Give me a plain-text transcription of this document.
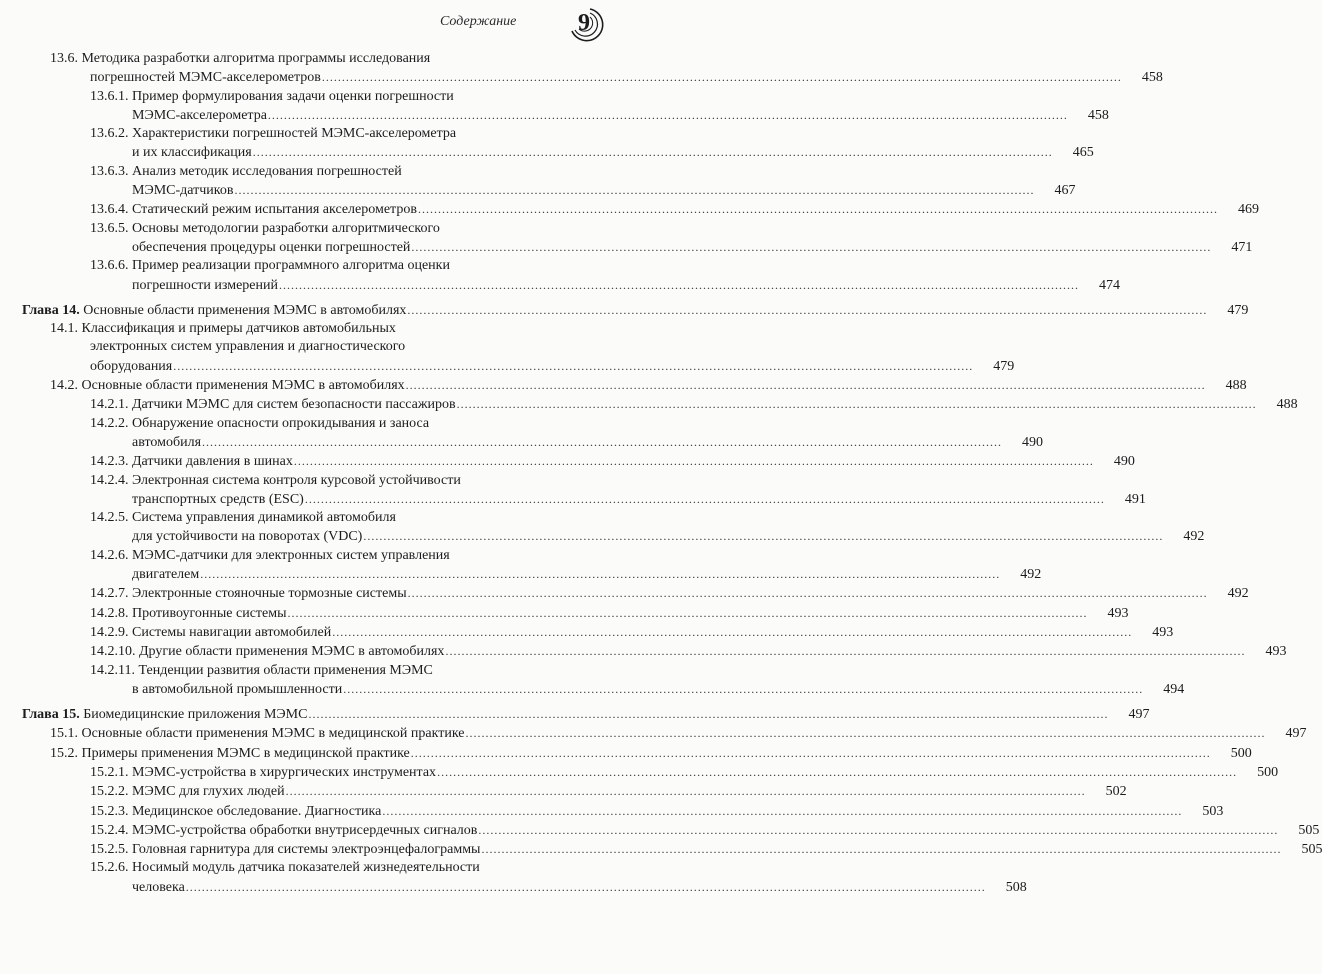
Содержание	9
13.6. Методика разработки алгоритма программы исследования
погрешностей МЭМС-акселерометров ........................................................................................................................................................................................................	458
13.6.1. Пример формулирования задачи оценки погрешности
МЭМС-акселерометра ........................................................................................................................................................................................................	458
13.6.2. Характеристики погрешностей МЭМС-акселерометра
и их классификация ........................................................................................................................................................................................................	465
13.6.3. Анализ методик исследования погрешностей
МЭМС-датчиков ........................................................................................................................................................................................................	467
13.6.4. Статический режим испытания акселерометров ........................................................................................................................................................................................................	469
13.6.5. Основы методологии разработки алгоритмического
обеспечения процедуры оценки погрешностей ........................................................................................................................................................................................................	471
13.6.6. Пример реализации программного алгоритма оценки
погрешности измерений ........................................................................................................................................................................................................	474
Глава 14. Основные области применения МЭМС в автомобилях ........................................................................................................................................................................................................	479
14.1. Классификация и примеры датчиков автомобильных
электронных систем управления и диагностического
оборудования ........................................................................................................................................................................................................	479
14.2. Основные области применения МЭМС в автомобилях ........................................................................................................................................................................................................	488
14.2.1. Датчики МЭМС для систем безопасности пассажиров ........................................................................................................................................................................................................	488
14.2.2. Обнаружение опасности опрокидывания и заноса
автомобиля ........................................................................................................................................................................................................	490
14.2.3. Датчики давления в шинах ........................................................................................................................................................................................................	490
14.2.4. Электронная система контроля курсовой устойчивости
транспортных средств (ESC) ........................................................................................................................................................................................................	491
14.2.5. Система управления динамикой автомобиля
для устойчивости на поворотах (VDC) ........................................................................................................................................................................................................	492
14.2.6. МЭМС-датчики для электронных систем управления
двигателем ........................................................................................................................................................................................................	492
14.2.7. Электронные стояночные тормозные системы ........................................................................................................................................................................................................	492
14.2.8. Противоугонные системы ........................................................................................................................................................................................................	493
14.2.9. Системы навигации автомобилей ........................................................................................................................................................................................................	493
14.2.10. Другие области применения МЭМС в автомобилях ........................................................................................................................................................................................................	493
14.2.11. Тенденции развития области применения МЭМС
в автомобильной промышленности ........................................................................................................................................................................................................	494
Глава 15. Биомедицинские приложения МЭМС ........................................................................................................................................................................................................	497
15.1. Основные области применения МЭМС в медицинской практике ........................................................................................................................................................................................................	497
15.2. Примеры применения МЭМС в медицинской практике ........................................................................................................................................................................................................	500
15.2.1. МЭМС-устройства в хирургических инструментах ........................................................................................................................................................................................................	500
15.2.2. МЭМС для глухих людей ........................................................................................................................................................................................................	502
15.2.3. Медицинское обследование. Диагностика ........................................................................................................................................................................................................	503
15.2.4. МЭМС-устройства обработки внутрисердечных сигналов ........................................................................................................................................................................................................	505
15.2.5. Головная гарнитура для системы электроэнцефалограммы ........................................................................................................................................................................................................	505
15.2.6. Носимый модуль датчика показателей жизнедеятельности
человека ........................................................................................................................................................................................................	508
